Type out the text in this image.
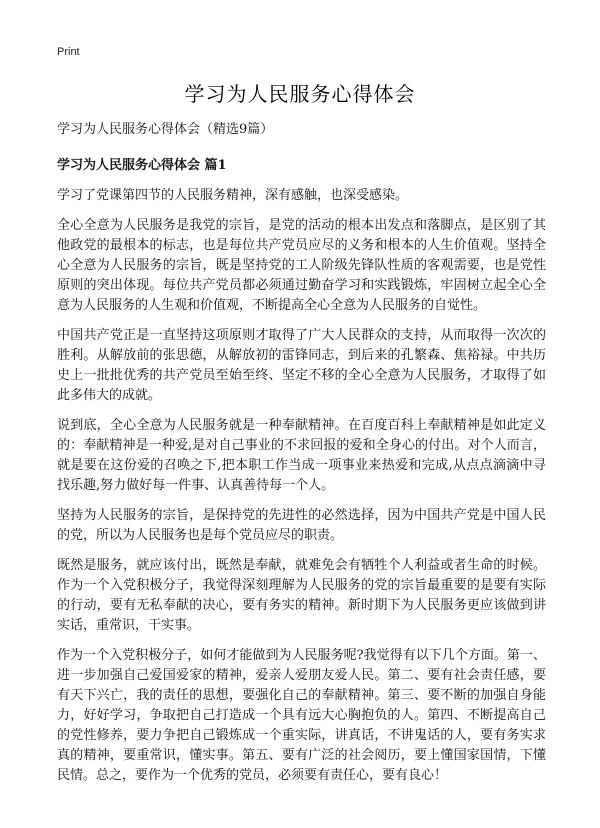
Print
学习为人民服务心得体会

学习为人民服务心得体会（精选9篇）

学习为人民服务心得体会 篇1

学习了党课第四节的人民服务精神，深有感触，也深受感染。

全心全意为人民服务是我党的宗旨，是党的活动的根本出发点和落脚点，是区别了其他政党的最根本的标志，也是每位共产党员应尽的义务和根本的人生价值观。坚持全心全意为人民服务的宗旨，既是坚持党的工人阶级先锋队性质的客观需要，也是党性原则的突出体现。每位共产党员都必须通过勤奋学习和实践锻炼，牢固树立起全心全意为人民服务的人生观和价值观，不断提高全心全意为人民服务的自觉性。

中国共产党正是一直坚持这项原则才取得了广大人民群众的支持，从而取得一次次的胜利。从解放前的张思德，从解放初的雷锋同志，到后来的孔繁森、焦裕禄。中共历史上一批批优秀的共产党员至始至终、坚定不移的全心全意为人民服务，才取得了如此多伟大的成就。

说到底，全心全意为人民服务就是一种奉献精神。在百度百科上奉献精神是如此定义的：奉献精神是一种爱,是对自己事业的不求回报的爱和全身心的付出。对个人而言，就是要在这份爱的召唤之下,把本职工作当成一项事业来热爱和完成,从点点滴滴中寻找乐趣,努力做好每一件事、认真善待每一个人。

坚持为人民服务的宗旨，是保持党的先进性的必然选择，因为中国共产党是中国人民的党，所以为人民服务也是每个党员应尽的职责。

既然是服务，就应该付出，既然是奉献，就难免会有牺牲个人利益或者生命的时候。作为一个入党积极分子，我觉得深刻理解为人民服务的党的宗旨最重要的是要有实际的行动，要有无私奉献的决心，要有务实的精神。新时期下为人民服务更应该做到讲实话，重常识，干实事。

作为一个入党积极分子，如何才能做到为人民服务呢?我觉得有以下几个方面。第一、进一步加强自己爱国爱家的精神，爱亲人爱朋友爱人民。第二、要有社会责任感，要有天下兴亡，我的责任的思想，要强化自己的奉献精神。第三、要不断的加强自身能力，好好学习，争取把自己打造成一个具有远大心胸抱负的人。第四、不断提高自己的党性修养，要力争把自己锻炼成一个重实际，讲真话，不讲鬼话的人，要有务实求真的精神，要重常识，懂实事。第五、要有广泛的社会阅历，要上懂国家国情，下懂民情。总之，要作为一个优秀的党员，必须要有责任心，要有良心！
